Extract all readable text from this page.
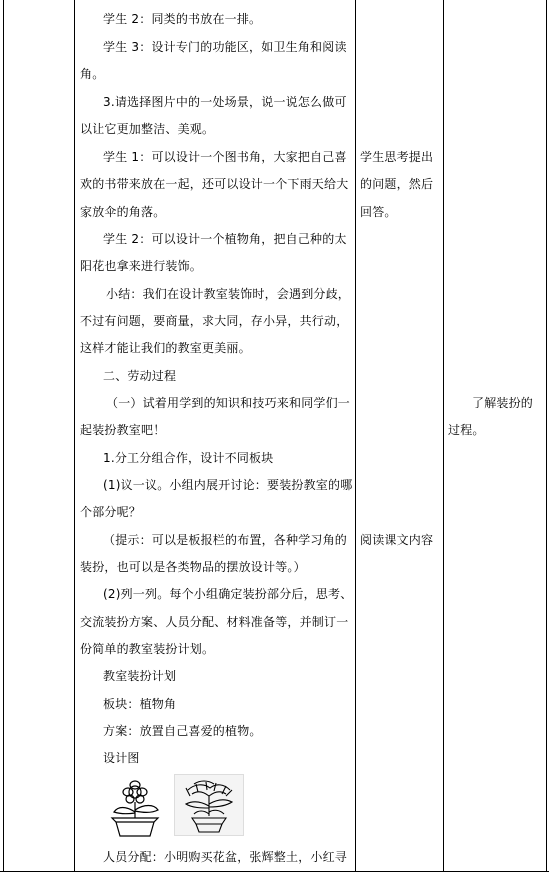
学生 2：同类的书放在一排。
学生 3：设计专门的功能区，如卫生角和阅读
角。
3.请选择图片中的一处场景，说一说怎么做可
以让它更加整洁、美观。
学生 1：可以设计一个图书角，大家把自己喜
欢的书带来放在一起，还可以设计一个下雨天给大
家放伞的角落。
学生 2：可以设计一个植物角，把自己种的太
阳花也拿来进行装饰。
小结：我们在设计教室装饰时，会遇到分歧，
不过有问题，要商量，求大同，存小异，共行动，
这样才能让我们的教室更美丽。
二、劳动过程
（一）试着用学到的知识和技巧来和同学们一
起装扮教室吧！
1.分工分组合作，设计不同板块
(1)议一议。小组内展开讨论：要装扮教室的哪
个部分呢？
（提示：可以是板报栏的布置，各种学习角的
装扮，也可以是各类物品的摆放设计等。）
(2)列一列。每个小组确定装扮部分后，思考、
交流装扮方案、人员分配、材料准备等，并制订一
份简单的教室装扮计划。
教室装扮计划
板块：植物角
方案：放置自己喜爱的植物。
设计图
人员分配：小明购买花盆，张辉整土，小红寻
学生思考提出
的问题，然后
回答。
阅读课文内容
了解装扮的
过程。
